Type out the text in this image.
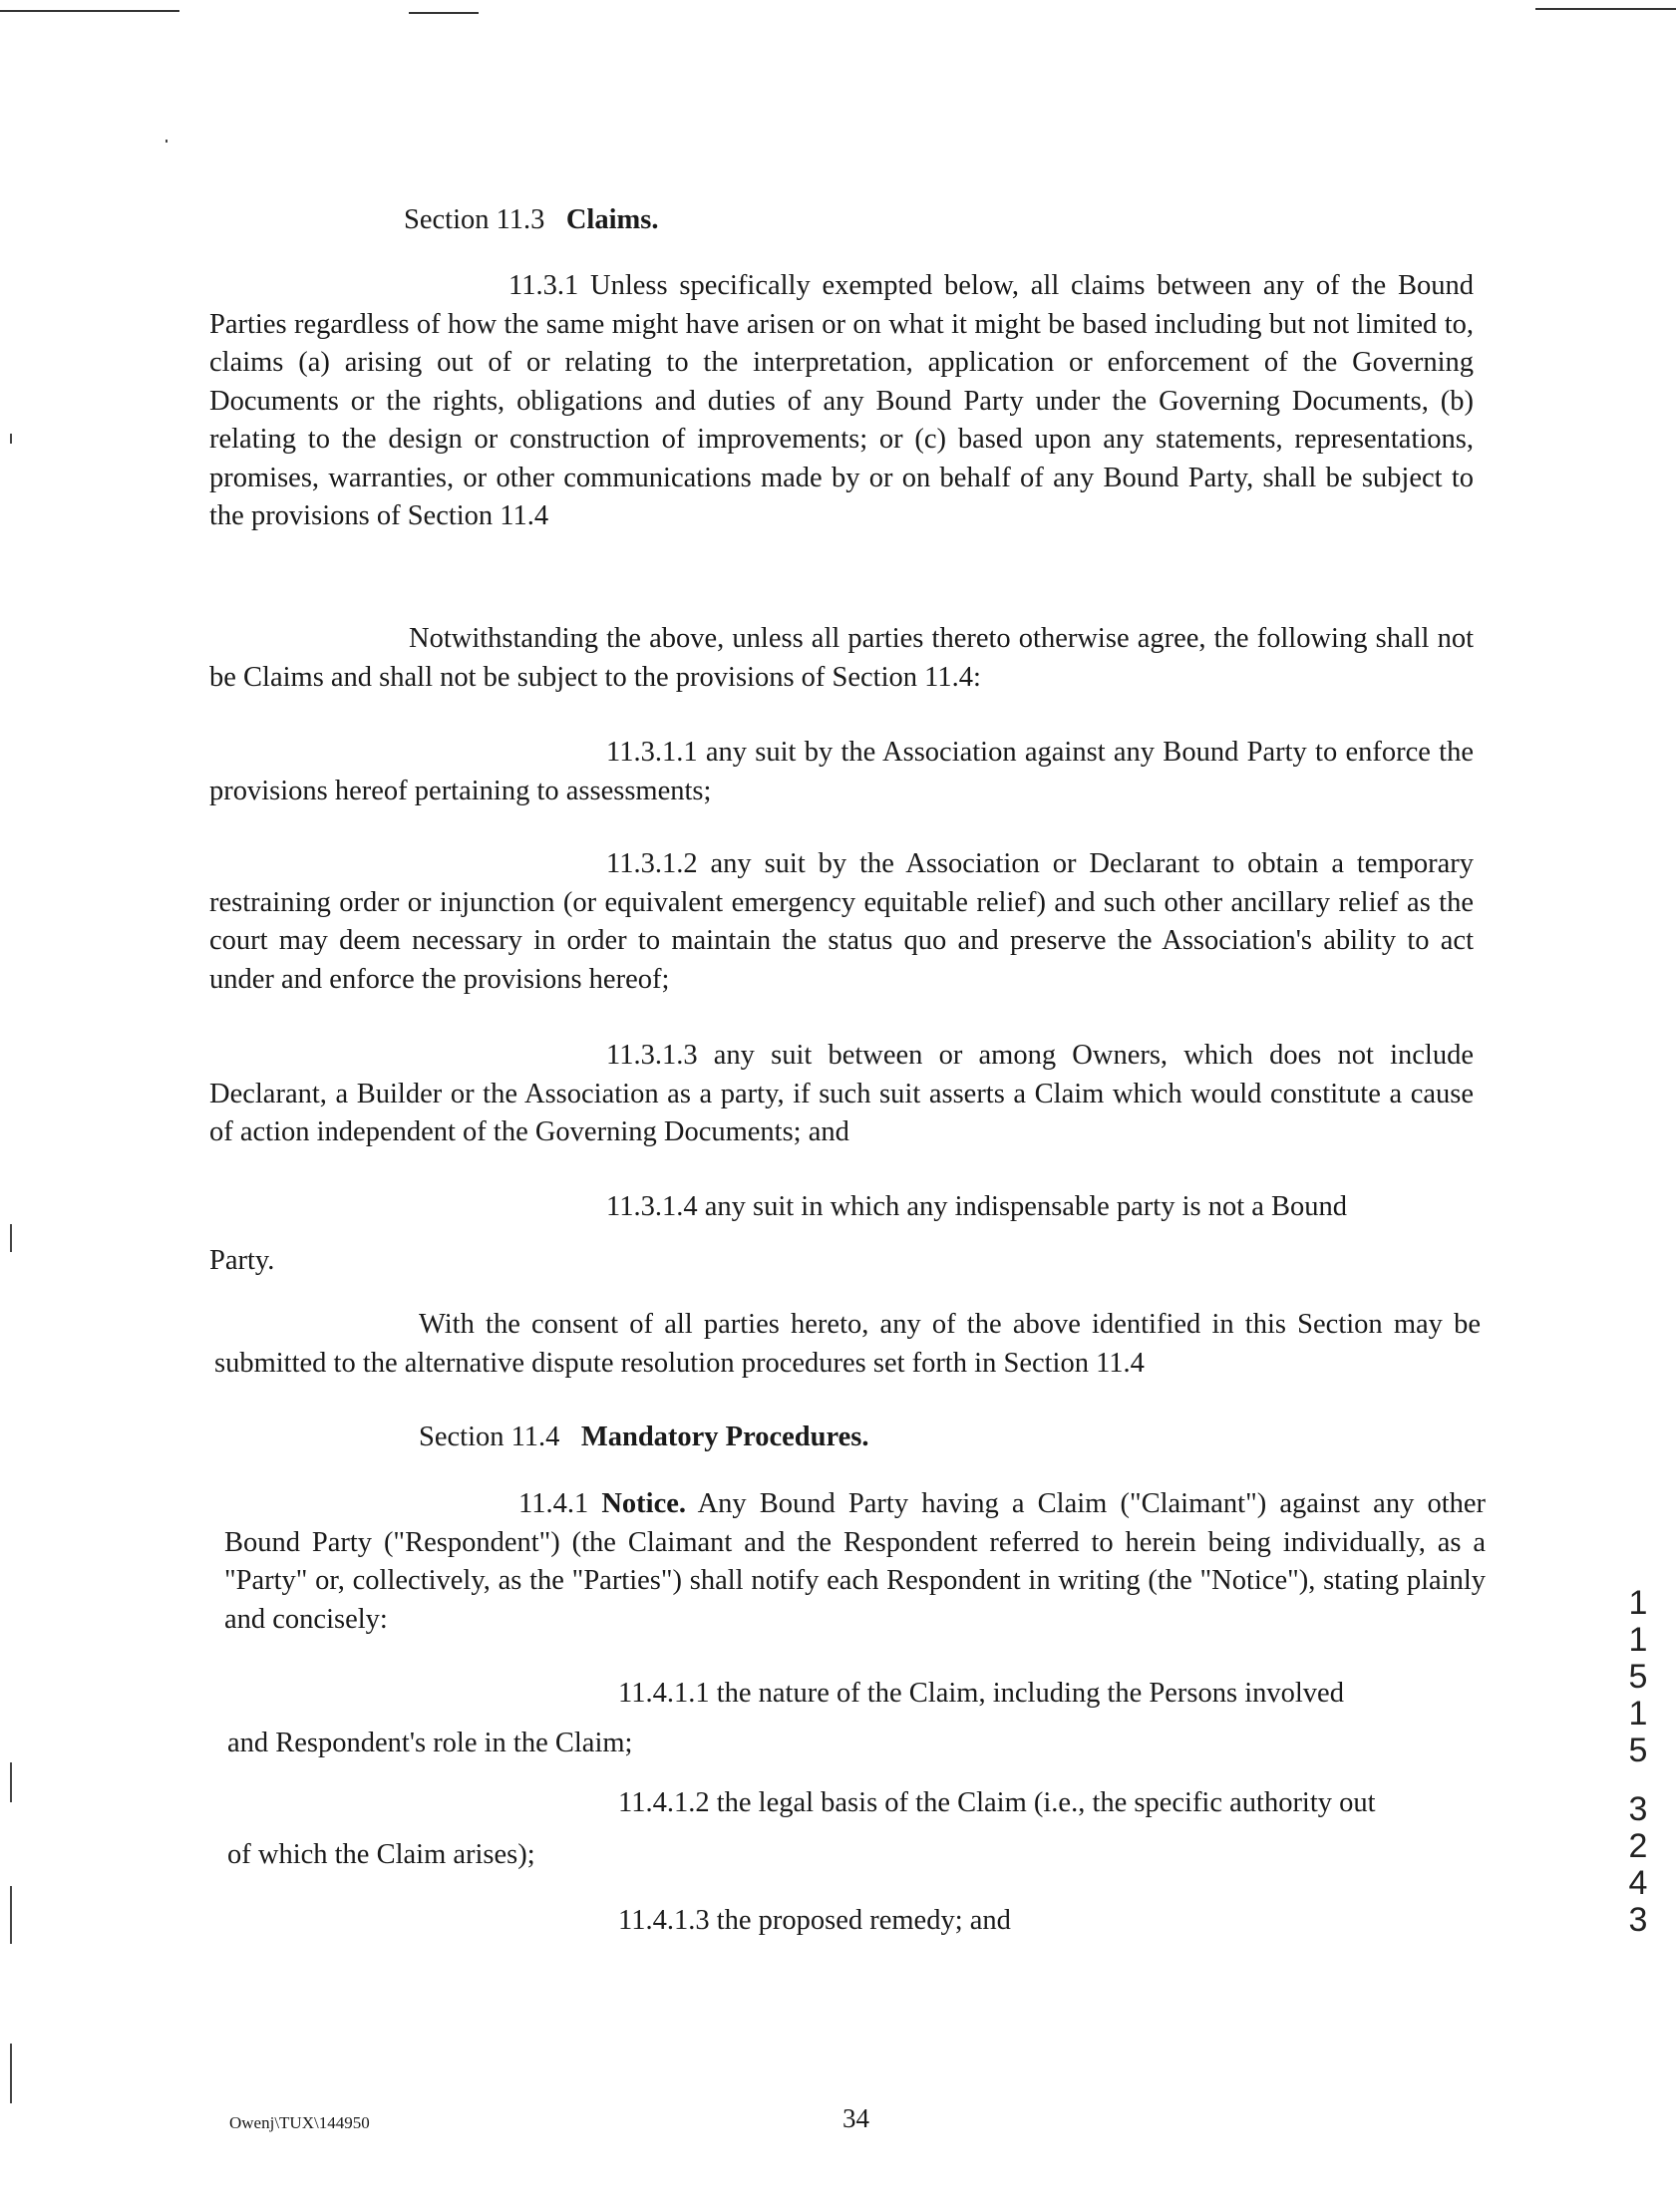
Section 11.3 Claims.

11.3.1 Unless specifically exempted below, all claims between any of the Bound Parties regardless of how the same might have arisen or on what it might be based including but not limited to, claims (a) arising out of or relating to the interpretation, application or enforcement of the Governing Documents or the rights, obligations and duties of any Bound Party under the Governing Documents, (b) relating to the design or construction of improvements; or (c) based upon any statements, representations, promises, warranties, or other communications made by or on behalf of any Bound Party, shall be subject to the provisions of Section 11.4

Notwithstanding the above, unless all parties thereto otherwise agree, the following shall not be Claims and shall not be subject to the provisions of Section 11.4:

11.3.1.1 any suit by the Association against any Bound Party to enforce the provisions hereof pertaining to assessments;

11.3.1.2 any suit by the Association or Declarant to obtain a temporary restraining order or injunction (or equivalent emergency equitable relief) and such other ancillary relief as the court may deem necessary in order to maintain the status quo and preserve the Association's ability to act under and enforce the provisions hereof;

11.3.1.3 any suit between or among Owners, which does not include Declarant, a Builder or the Association as a party, if such suit asserts a Claim which would constitute a cause of action independent of the Governing Documents; and

11.3.1.4 any suit in which any indispensable party is not a Bound
Party.

With the consent of all parties hereto, any of the above identified in this Section may be submitted to the alternative dispute resolution procedures set forth in Section 11.4

Section 11.4 Mandatory Procedures.

11.4.1 Notice. Any Bound Party having a Claim ("Claimant") against any other Bound Party ("Respondent") (the Claimant and the Respondent referred to herein being individually, as a "Party" or, collectively, as the "Parties") shall notify each Respondent in writing (the "Notice"), stating plainly and concisely:

11.4.1.1 the nature of the Claim, including the Persons involved
and Respondent's role in the Claim;
11.4.1.2 the legal basis of the Claim (i.e., the specific authority out
of which the Claim arises);
11.4.1.3 the proposed remedy; and
1
1
5
1
5
3
2
4
3
Owenj\TUX\144950	34
